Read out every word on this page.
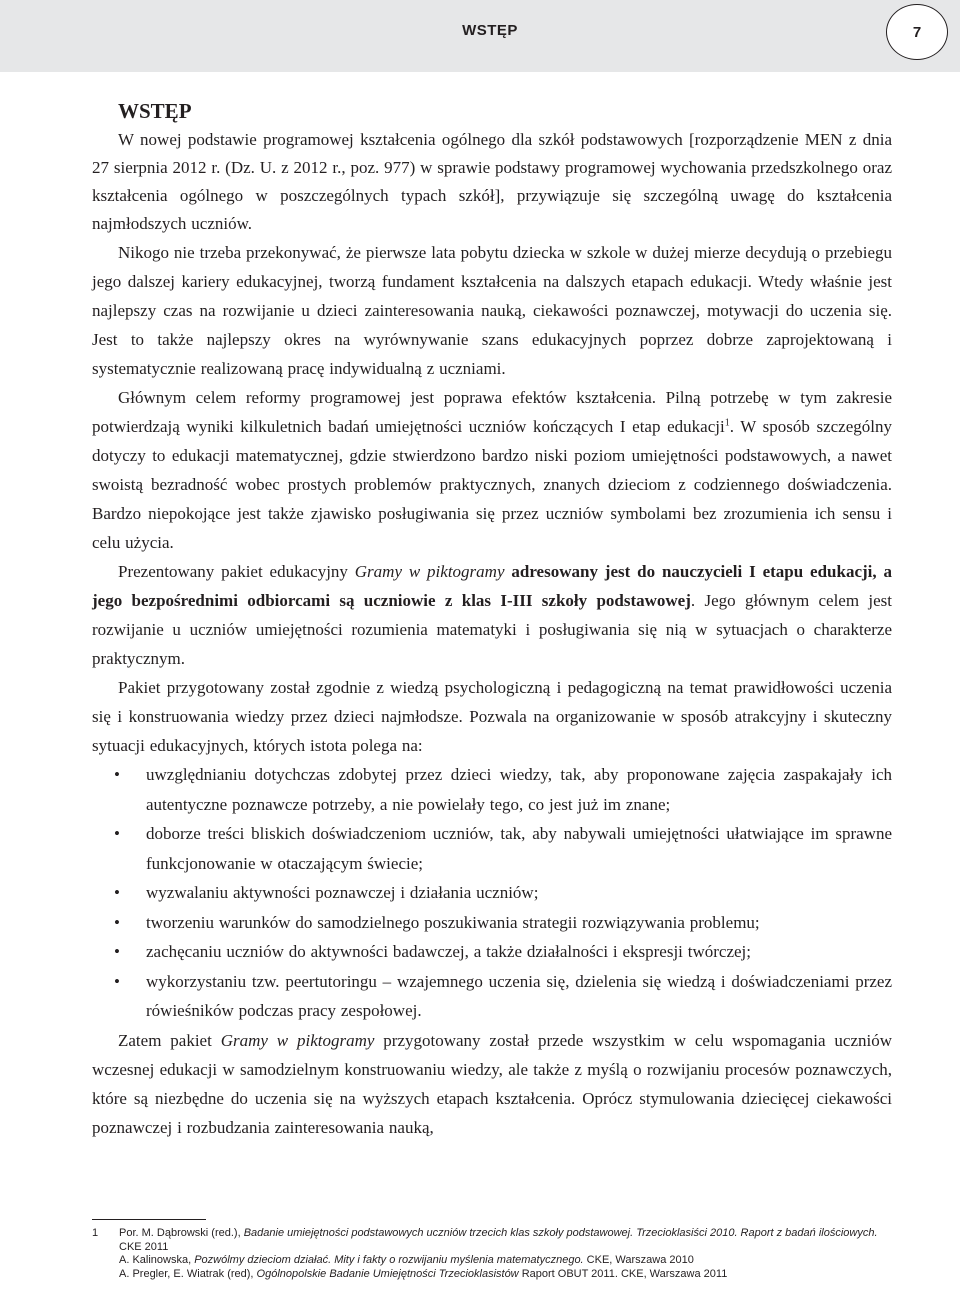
WSTĘP	7
WSTĘP

W nowej podstawie programowej kształcenia ogólnego dla szkół podstawowych [rozporządzenie MEN z dnia 27 sierpnia 2012 r. (Dz. U. z 2012 r., poz. 977) w sprawie podstawy programowej wychowania przedszkolnego oraz kształcenia ogólnego w poszczególnych typach szkół], przywiązuje się szczególną uwagę do kształcenia najmłodszych uczniów.

Nikogo nie trzeba przekonywać, że pierwsze lata pobytu dziecka w szkole w dużej mierze decydują o przebiegu jego dalszej kariery edukacyjnej, tworzą fundament kształcenia na dalszych etapach edukacji. Wtedy właśnie jest najlepszy czas na rozwijanie u dzieci zainteresowania nauką, ciekawości poznawczej, motywacji do uczenia się. Jest to także najlepszy okres na wyrównywanie szans edukacyjnych poprzez dobrze zaprojektowaną i systematycznie realizowaną pracę indywidualną z uczniami.

Głównym celem reformy programowej jest poprawa efektów kształcenia. Pilną potrzebę w tym zakresie potwierdzają wyniki kilkuletnich badań umiejętności uczniów kończących I etap edukacji$^1$. W sposób szczególny dotyczy to edukacji matematycznej, gdzie stwierdzono bardzo niski poziom umiejętności podstawowych, a nawet swoistą bezradność wobec prostych problemów praktycznych, znanych dzieciom z codziennego doświadczenia. Bardzo niepokojące jest także zjawisko posługiwania się przez uczniów symbolami bez zrozumienia ich sensu i celu użycia.

Prezentowany pakiet edukacyjny Gramy w piktogramy adresowany jest do nauczycieli I etapu edukacji, a jego bezpośrednimi odbiorcami są uczniowie z klas I-III szkoły podstawowej. Jego głównym celem jest rozwijanie u uczniów umiejętności rozumienia matematyki i posługiwania się nią w sytuacjach o charakterze praktycznym.

Pakiet przygotowany został zgodnie z wiedzą psychologiczną i pedagogiczną na temat prawidłowości uczenia się i konstruowania wiedzy przez dzieci najmłodsze. Pozwala na organizowanie w sposób atrakcyjny i skuteczny sytuacji edukacyjnych, których istota polega na:

• uwzględnianiu dotychczas zdobytej przez dzieci wiedzy, tak, aby proponowane zajęcia zaspakajały ich autentyczne poznawcze potrzeby, a nie powielały tego, co jest już im znane;
• doborze treści bliskich doświadczeniom uczniów, tak, aby nabywali umiejętności ułatwiające im sprawne funkcjonowanie w otaczającym świecie;
• wyzwalaniu aktywności poznawczej i działania uczniów;
• tworzeniu warunków do samodzielnego poszukiwania strategii rozwiązywania problemu;
• zachęcaniu uczniów do aktywności badawczej, a także działalności i ekspresji twórczej;
• wykorzystaniu tzw. peertutoringu – wzajemnego uczenia się, dzielenia się wiedzą i doświadczeniami przez rówieśników podczas pracy zespołowej.

Zatem pakiet Gramy w piktogramy przygotowany został przede wszystkim w celu wspomagania uczniów wczesnej edukacji w samodzielnym konstruowaniu wiedzy, ale także z myślą o rozwijaniu procesów poznawczych, które są niezbędne do uczenia się na wyższych etapach kształcenia. Oprócz stymulowania dziecięcej ciekawości poznawczej i rozbudzania zainteresowania nauką,

1 Por. M. Dąbrowski (red.), Badanie umiejętności podstawowych uczniów trzecich klas szkoły podstawowej. Trzecioklasiści 2010. Raport z badań ilościowych. CKE 2011
A. Kalinowska, Pozwólmy dzieciom działać. Mity i fakty o rozwijaniu myślenia matematycznego. CKE, Warszawa 2010
A. Pregler, E. Wiatrak (red), Ogólnopolskie Badanie Umiejętności Trzecioklasistów Raport OBUT 2011. CKE, Warszawa 2011
